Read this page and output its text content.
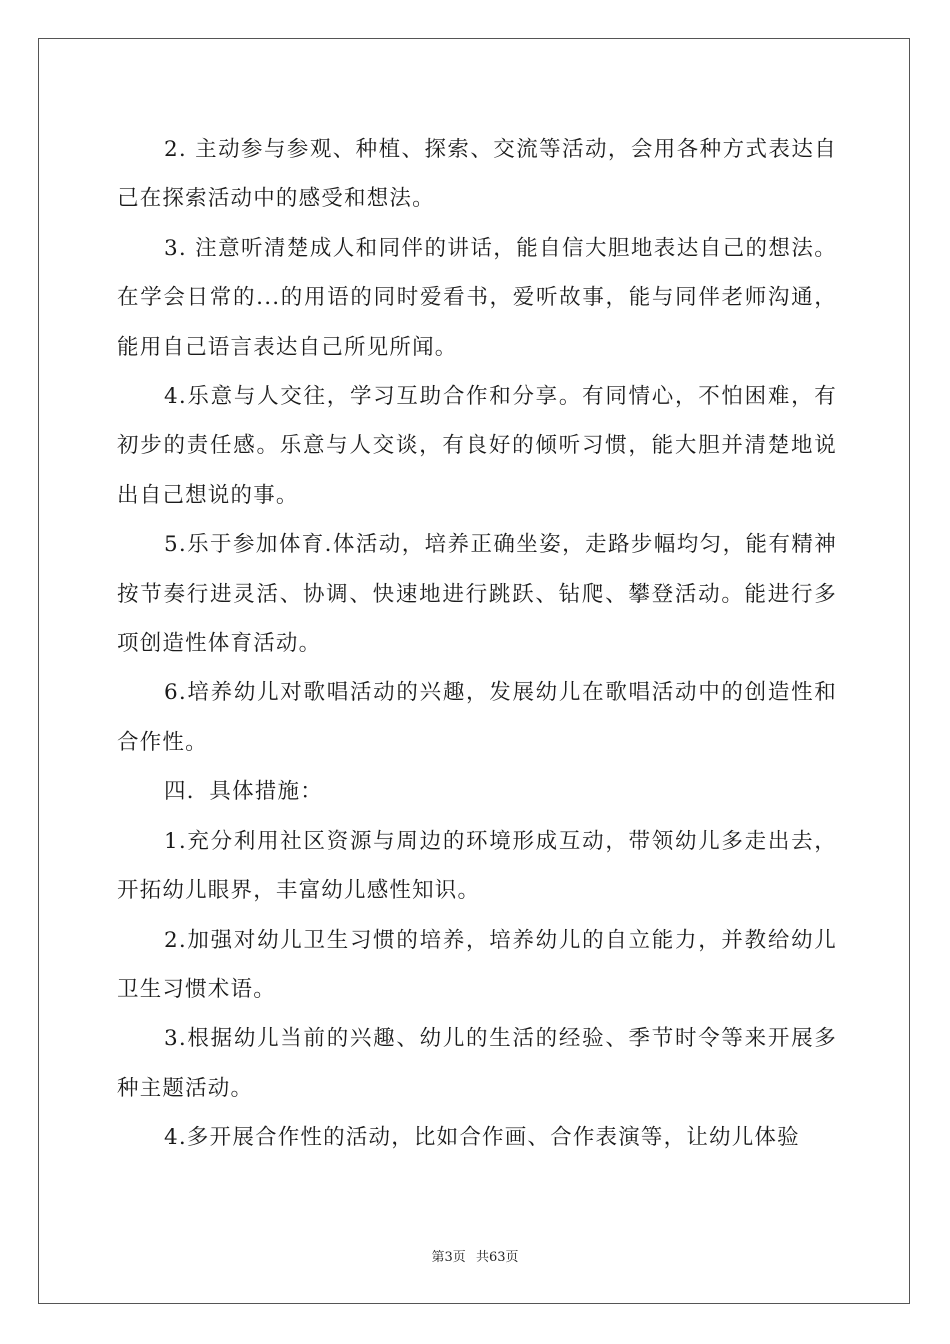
2. 主动参与参观、种植、探索、交流等活动，会用各种方式表达自己在探索活动中的感受和想法。

3. 注意听清楚成人和同伴的讲话，能自信大胆地表达自己的想法。在学会日常的...的用语的同时爱看书，爱听故事，能与同伴老师沟通，能用自己语言表达自己所见所闻。

4.乐意与人交往，学习互助合作和分享。有同情心，不怕困难，有初步的责任感。乐意与人交谈，有良好的倾听习惯，能大胆并清楚地说出自己想说的事。

5.乐于参加体育.体活动，培养正确坐姿，走路步幅均匀，能有精神按节奏行进灵活、协调、快速地进行跳跃、钻爬、攀登活动。能进行多项创造性体育活动。

6.培养幼儿对歌唱活动的兴趣，发展幼儿在歌唱活动中的创造性和合作性。

四．具体措施：

1.充分利用社区资源与周边的环境形成互动，带领幼儿多走出去，开拓幼儿眼界，丰富幼儿感性知识。

2.加强对幼儿卫生习惯的培养，培养幼儿的自立能力，并教给幼儿卫生习惯术语。

3.根据幼儿当前的兴趣、幼儿的生活的经验、季节时令等来开展多种主题活动。

4.多开展合作性的活动，比如合作画、合作表演等，让幼儿体验

第3页 共63页
